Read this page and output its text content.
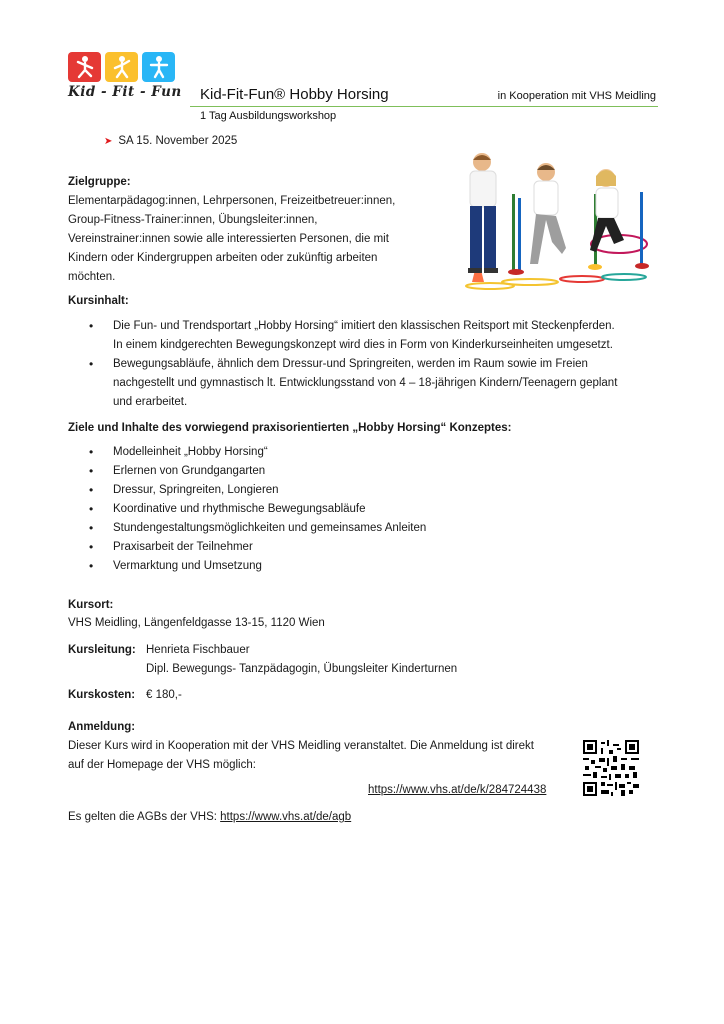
Kid - Fit - Fun Kid-Fit-Fun® Hobby Horsing	in Kooperation mit VHS Meidling
1 Tag Ausbildungsworkshop
➤ SA 15. November 2025
Zielgruppe:
Elementarpädagog:innen, Lehrpersonen, Freizeitbetreuer:innen,
Group-Fitness-Trainer:innen, Übungsleiter:innen,
Vereinstrainer:innen sowie alle interessierten Personen, die mit
Kindern oder Kindergruppen arbeiten oder zukünftig arbeiten
möchten.
Kursinhalt:
• Die Fun- und Trendsportart „Hobby Horsing“ imitiert den klassischen Reitsport mit Steckenpferden.
In einem kindgerechten Bewegungskonzept wird dies in Form von Kinderkurseinheiten umgesetzt.
• Bewegungsabläufe, ähnlich dem Dressur-und Springreiten, werden im Raum sowie im Freien
nachgestellt und gymnastisch lt. Entwicklungsstand von 4 – 18-jährigen Kindern/Teenagern geplant
und erarbeitet.
Ziele und Inhalte des vorwiegend praxisorientierten „Hobby Horsing“ Konzeptes:
• Modelleinheit „Hobby Horsing“
• Erlernen von Grundgangarten
• Dressur, Springreiten, Longieren
• Koordinative und rhythmische Bewegungsabläufe
• Stundengestaltungsmöglichkeiten und gemeinsames Anleiten
• Praxisarbeit der Teilnehmer
• Vermarktung und Umsetzung
Kursort:
VHS Meidling, Längenfeldgasse 13-15, 1120 Wien
Kursleitung: Henrieta Fischbauer
Dipl. Bewegungs- Tanzpädagogin, Übungsleiter Kinderturnen
Kurskosten: € 180,-
Anmeldung:
Dieser Kurs wird in Kooperation mit der VHS Meidling veranstaltet. Die Anmeldung ist direkt
auf der Homepage der VHS möglich:
https://www.vhs.at/de/k/284724438
Es gelten die AGBs der VHS: https://www.vhs.at/de/agb
